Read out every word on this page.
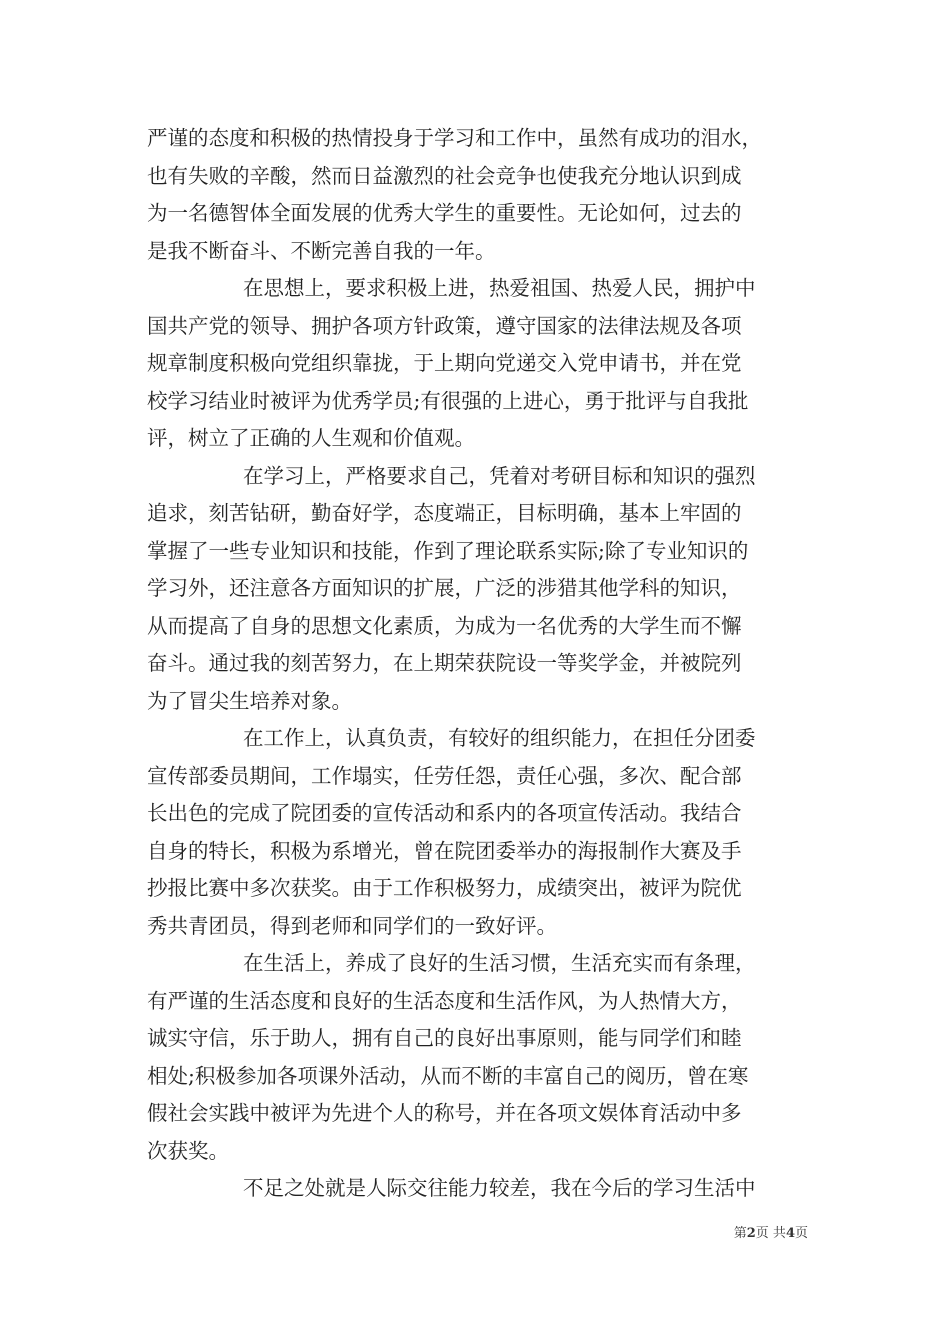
严谨的态度和积极的热情投身于学习和工作中，虽然有成功的泪水，
也有失败的辛酸，然而日益激烈的社会竞争也使我充分地认识到成
为一名德智体全面发展的优秀大学生的重要性。无论如何，过去的
是我不断奋斗、不断完善自我的一年。
在思想上，要求积极上进，热爱祖国、热爱人民，拥护中
国共产党的领导、拥护各项方针政策，遵守国家的法律法规及各项
规章制度积极向党组织靠拢，于上期向党递交入党申请书，并在党
校学习结业时被评为优秀学员;有很强的上进心，勇于批评与自我批
评，树立了正确的人生观和价值观。
在学习上，严格要求自己，凭着对考研目标和知识的强烈
追求，刻苦钻研，勤奋好学，态度端正，目标明确，基本上牢固的
掌握了一些专业知识和技能，作到了理论联系实际;除了专业知识的
学习外，还注意各方面知识的扩展，广泛的涉猎其他学科的知识，
从而提高了自身的思想文化素质，为成为一名优秀的大学生而不懈
奋斗。通过我的刻苦努力，在上期荣获院设一等奖学金，并被院列
为了冒尖生培养对象。
在工作上，认真负责，有较好的组织能力，在担任分团委
宣传部委员期间，工作塌实，任劳任怨，责任心强，多次、配合部
长出色的完成了院团委的宣传活动和系内的各项宣传活动。我结合
自身的特长，积极为系增光，曾在院团委举办的海报制作大赛及手
抄报比赛中多次获奖。由于工作积极努力，成绩突出，被评为院优
秀共青团员，得到老师和同学们的一致好评。
在生活上，养成了良好的生活习惯，生活充实而有条理，
有严谨的生活态度和良好的生活态度和生活作风，为人热情大方，
诚实守信，乐于助人，拥有自己的良好出事原则，能与同学们和睦
相处;积极参加各项课外活动，从而不断的丰富自己的阅历，曾在寒
假社会实践中被评为先进个人的称号，并在各项文娱体育活动中多
次获奖。
不足之处就是人际交往能力较差，我在今后的学习生活中
第2页 共4页
